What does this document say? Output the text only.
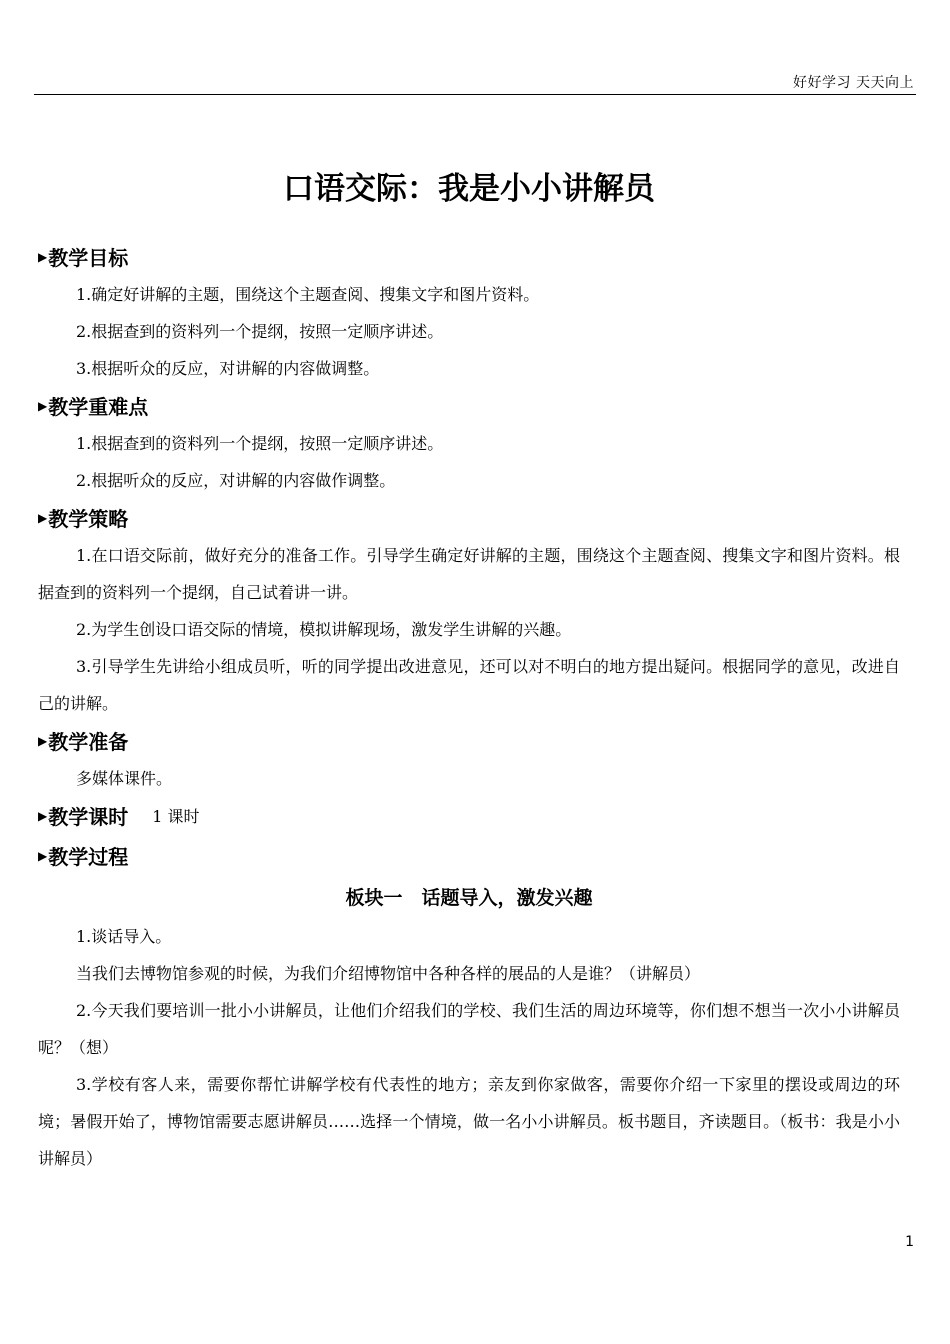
好好学习 天天向上
口语交际：我是小小讲解员
▶ 教学目标

1.确定好讲解的主题，围绕这个主题查阅、搜集文字和图片资料。

2.根据查到的资料列一个提纲，按照一定顺序讲述。

3.根据听众的反应，对讲解的内容做调整。

▶ 教学重难点

1.根据查到的资料列一个提纲，按照一定顺序讲述。

2.根据听众的反应，对讲解的内容做作调整。

▶ 教学策略

1.在口语交际前，做好充分的准备工作。引导学生确定好讲解的主题，围绕这个主题查阅、搜集文字和图片资料。根据查到的资料列一个提纲，自己试着讲一讲。

2.为学生创设口语交际的情境，模拟讲解现场，激发学生讲解的兴趣。

3.引导学生先讲给小组成员听，听的同学提出改进意见，还可以对不明白的地方提出疑问。根据同学的意见，改进自己的讲解。

▶ 教学准备

多媒体课件。

▶ 教学课时 1 课时
▶ 教学过程
板块一　话题导入，激发兴趣

1.谈话导入。

当我们去博物馆参观的时候，为我们介绍博物馆中各种各样的展品的人是谁？（讲解员）

2.今天我们要培训一批小小讲解员，让他们介绍我们的学校、我们生活的周边环境等，你们想不想当一次小小讲解员呢？（想）

3.学校有客人来，需要你帮忙讲解学校有代表性的地方；亲友到你家做客，需要你介绍一下家里的摆设或周边的环境；暑假开始了，博物馆需要志愿讲解员……选择一个情境，做一名小小讲解员。板书题目，齐读题目。（板书：我是小小讲解员）

1
